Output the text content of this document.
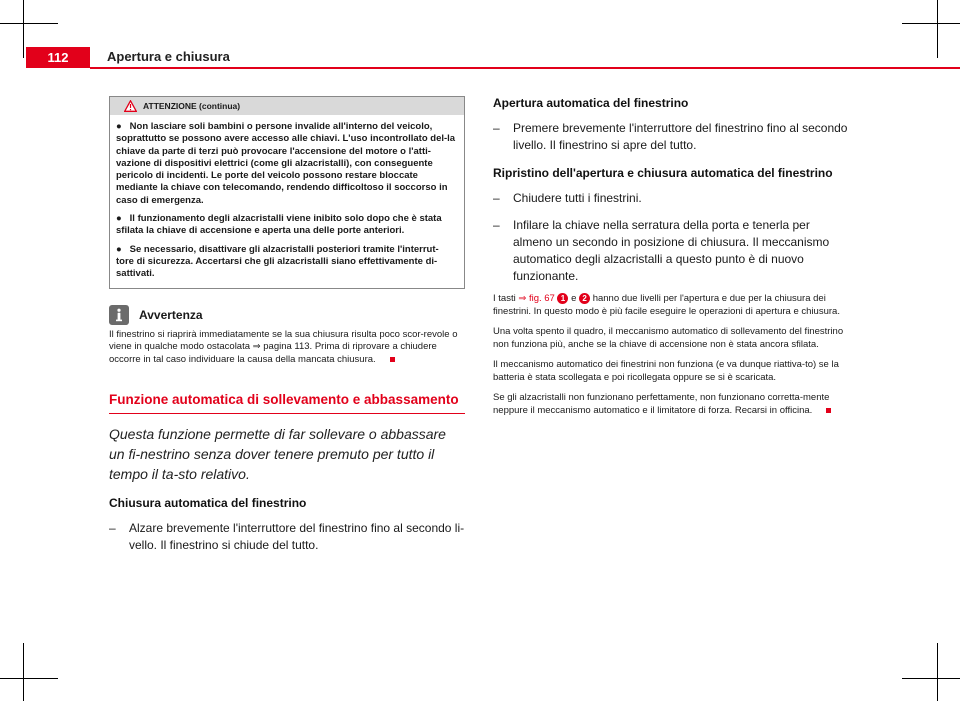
112	Apertura e chiusura
ATTENZIONE (continua)

●   Non lasciare soli bambini o persone invalide all'interno del veicolo, soprattutto se possono avere accesso alle chiavi. L'uso incontrollato del-la chiave da parte di terzi può provocare l'accensione del motore o l'atti-vazione di dispositivi elettrici (come gli alzacristalli), con conseguente pericolo di incidenti. Le porte del veicolo possono restare bloccate mediante la chiave con telecomando, rendendo difficoltoso il soccorso in caso di emergenza.

●   Il funzionamento degli alzacristalli viene inibito solo dopo che è stata sfilata la chiave di accensione e aperta una delle porte anteriori.

●   Se necessario, disattivare gli alzacristalli posteriori tramite l'interrut-tore di sicurezza. Accertarsi che gli alzacristalli siano effettivamente di-sattivati.

Avvertenza
Il finestrino si riaprirà immediatamente se la sua chiusura risulta poco scor-revole o viene in qualche modo ostacolata ⇒ pagina 113. Prima di riprovare a chiudere occorre in tal caso individuare la causa della mancata chiusura.
Funzione automatica di sollevamento e abbassamento
Questa funzione permette di far sollevare o abbassare un fi-nestrino senza dover tenere premuto per tutto il tempo il ta-sto relativo.
Chiusura automatica del finestrino
–	Alzare brevemente l'interruttore del finestrino fino al secondo li-vello. Il finestrino si chiude del tutto.
Apertura automatica del finestrino
–	Premere brevemente l'interruttore del finestrino fino al secondo livello. Il finestrino si apre del tutto.
Ripristino dell'apertura e chiusura automatica del finestrino
–	Chiudere tutti i finestrini.
–	Infilare la chiave nella serratura della porta e tenerla per almeno un secondo in posizione di chiusura. Il meccanismo automatico degli alzacristalli a questo punto è di nuovo funzionante.
I tasti ⇒ fig. 67 1 e 2 hanno due livelli per l'apertura e due per la chiusura dei finestrini. In questo modo è più facile eseguire le operazioni di apertura e chiusura.
Una volta spento il quadro, il meccanismo automatico di sollevamento del finestrino non funziona più, anche se la chiave di accensione non è stata ancora sfilata.
Il meccanismo automatico dei finestrini non funziona (e va dunque riattiva-to) se la batteria è stata scollegata e poi ricollegata oppure se si è scaricata.
Se gli alzacristalli non funzionano perfettamente, non funzionano corretta-mente neppure il meccanismo automatico e il limitatore di forza. Recarsi in officina.
